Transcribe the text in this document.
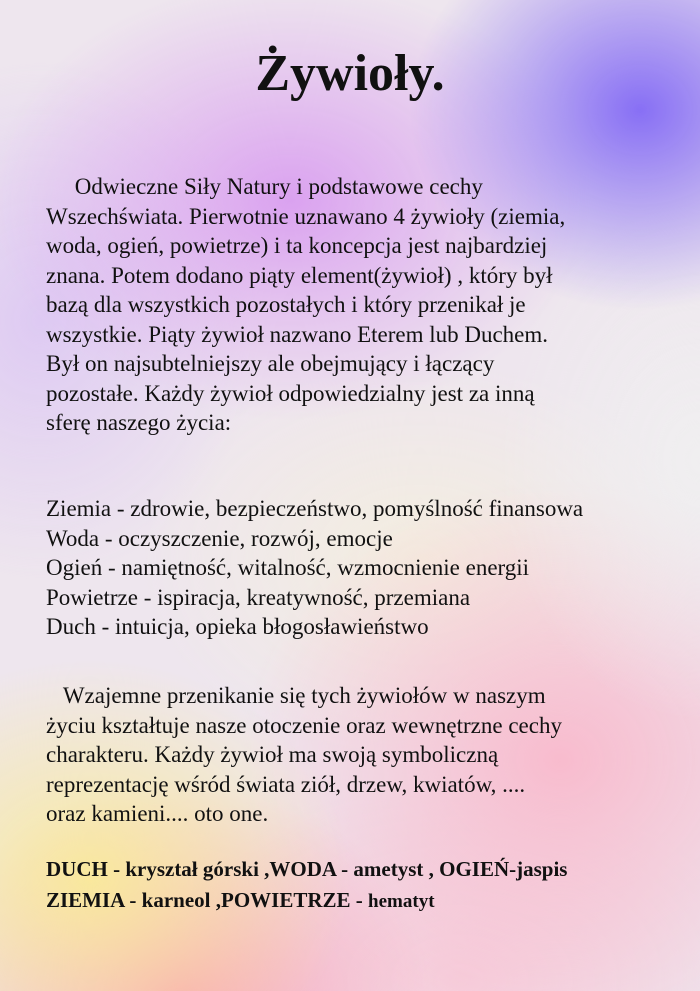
Żywioły.
Odwieczne Siły Natury i podstawowe cechy
Wszechświata. Pierwotnie uznawano 4 żywioły (ziemia,
woda, ogień, powietrze) i ta koncepcja jest najbardziej
znana. Potem dodano piąty element(żywioł) , który był
bazą dla wszystkich pozostałych i który przenikał je
wszystkie. Piąty żywioł nazwano Eterem lub Duchem.
Był on najsubtelniejszy ale obejmujący i łączący
pozostałe. Każdy żywioł odpowiedzialny jest za inną
sferę naszego życia:
Ziemia - zdrowie, bezpieczeństwo, pomyślność finansowa
Woda - oczyszczenie, rozwój, emocje
Ogień - namiętność, witalność, wzmocnienie energii
Powietrze - ispiracja, kreatywność, przemiana
Duch - intuicja, opieka błogosławieństwo
Wzajemne przenikanie się tych żywiołów w naszym
życiu kształtuje nasze otoczenie oraz wewnętrzne cechy
charakteru. Każdy żywioł ma swoją symboliczną
reprezentację wśród świata ziół, drzew, kwiatów, ....
oraz kamieni.... oto one.
DUCH - kryształ górski ,WODA - ametyst , OGIEŃ-jaspis
ZIEMIA - karneol ,POWIETRZE - hematyt
